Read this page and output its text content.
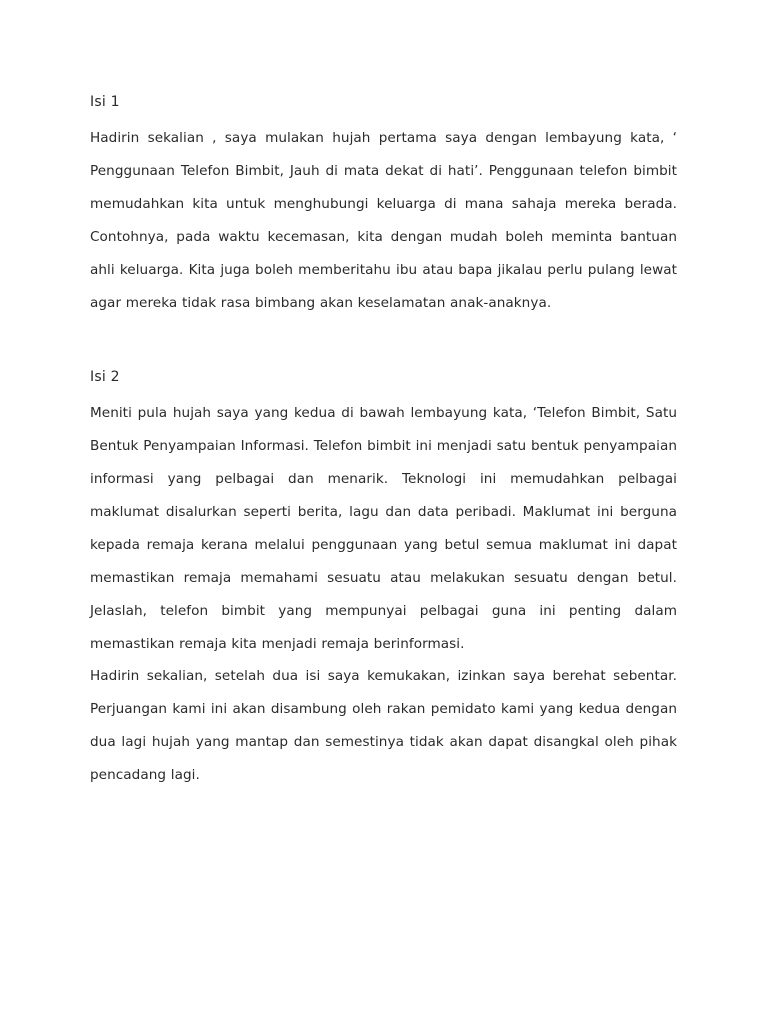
Isi 1

Hadirin sekalian , saya mulakan hujah pertama saya dengan lembayung kata, ‘ Penggunaan Telefon Bimbit, Jauh di mata dekat di hati’. Penggunaan telefon bimbit memudahkan kita untuk menghubungi keluarga di mana sahaja mereka berada. Contohnya, pada waktu kecemasan, kita dengan mudah boleh meminta bantuan ahli keluarga. Kita juga boleh memberitahu ibu atau bapa jikalau perlu pulang lewat agar mereka tidak rasa bimbang akan keselamatan anak-anaknya.

Isi 2

Meniti pula hujah saya yang kedua di bawah lembayung kata, ‘Telefon Bimbit, Satu Bentuk Penyampaian Informasi. Telefon bimbit ini menjadi satu bentuk penyampaian informasi yang pelbagai dan menarik. Teknologi ini memudahkan pelbagai maklumat disalurkan seperti berita, lagu dan data peribadi. Maklumat ini berguna kepada remaja kerana melalui penggunaan yang betul semua maklumat ini dapat memastikan remaja memahami sesuatu atau melakukan sesuatu dengan betul. Jelaslah, telefon bimbit yang mempunyai pelbagai guna ini penting dalam memastikan remaja kita menjadi remaja berinformasi.

Hadirin sekalian, setelah dua isi saya kemukakan, izinkan saya berehat sebentar. Perjuangan kami ini akan disambung oleh rakan pemidato kami yang kedua dengan dua lagi hujah yang mantap dan semestinya tidak akan dapat disangkal oleh pihak pencadang lagi.
